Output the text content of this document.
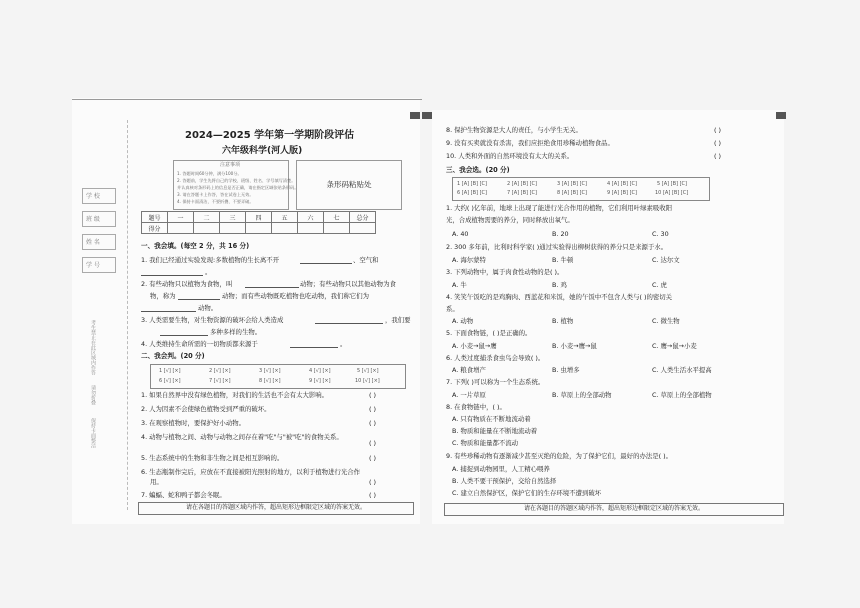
学 校
班 级
姓 名
学 号
考生禁止在此区域内作答
请勿折叠
保持卡面整洁
2024—2025 学年第一学期阶段评估
六年级科学(河人版)
注意事项
1. 答题时间60分钟，满分100分。
2. 答题前，学生先将自己的学校、班级、姓名、学号填写清楚。
并认真核对条形码上的信息是否正确，请在指定区域张贴条形码。
3. 请在答题卡上作答，答在试卷上无效。
4. 保持卡面清洁，不要折叠、不要弄破。
条形码粘贴处
题号	一	二	三	四	五	六	七	总分
得分								
一、我会填。(每空 2 分，共 16 分)
1. 我们已经通过实验发现:多数植物的生长离不开	、空气和
。
2. 有些动物只以植物为食物，叫	动物；有些动物只以其他动物为食
物，称为	动物；而有些动物既吃植物也吃动物，我们称它们为
动物。
3. 人类需要生物，对生物资源的破坏会给人类造成	，我们要
多种多样的生物。
4. 人类维持生命所需的一切物质都来源于	。
二、我会判。(20 分)
1 [√] [×]	2 [√] [×]	3 [√] [×]	4 [√] [×]	5 [√] [×]
6 [√] [×]	7 [√] [×]	8 [√] [×]	9 [√] [×]	10 [√] [×]
1. 如果自然界中没有绿色植物，对我们的生活也不会有太大影响。	( )
2. 人为因素不会使绿色植物受到严重的破坏。	( )
3. 在观察植物时，要保护好小动物。	( )
4. 动物与植物之间、动物与动物之间存在着"吃"与"被"吃"的食物关系。
( )
5. 生态系统中的生物和非生物之间是相互影响的。	( )
6. 生态瓶制作完后，应放在不直接被阳光照射的地方，以利于植物进行光合作
用。	( )
7. 蝙蝠、蛇和鸭子都会冬眠。	( )
请在各题目的答题区域内作答，超出矩形边框限定区域的答案无效。
8. 保护生物资源是大人的责任，与小学生无关。	( )
9. 没有买卖就没有杀害，我们应拒绝食用珍稀动植物食品。	( )
10. 人类和外面的自然环境没有太大的关系。	( )
三、我会选。(20 分)
1 [A] [B] [C]	2 [A] [B] [C]	3 [A] [B] [C]	4 [A] [B] [C]	5 [A] [B] [C]
6 [A] [B] [C]	7 [A] [B] [C]	8 [A] [B] [C]	9 [A] [B] [C]	10 [A] [B] [C]
1. 大约( )亿年前，地球上出现了能进行光合作用的植物，它们利用叶绿素吸收阳
光，合成植物需要的养分，同时释放出氧气。
A. 40	B. 20	C. 30
2. 300 多年前，比利时科学家( )通过实验得出柳树获得的养分只是来源于水。
A. 海尔蒙特	B. 牛顿	C. 达尔文
3. 下列动物中，属于肉食性动物的是( )。
A. 牛	B. 鸡	C. 虎
4. 笑笑午饭吃的是鸡胸肉、西蓝花和米饭，她的午饭中不包含人类与( )的密切关
系。
A. 动物	B. 植物	C. 微生物
5. 下面食物链，( )是正确的。
A. 小麦→鼠→鹰	B. 小麦→鹰→鼠	C. 鹰→鼠→小麦
6. 人类过度捕杀食虫鸟会导致( )。
A. 粮食增产	B. 虫增多	C. 人类生活水平提高
7. 下列( )可以称为一个生态系统。
A. 一片草原	B. 草原上的全部动物	C. 草原上的全部植物
8. 在食物链中，( )。
A. 只有物质在不断地流动着
B. 物质和能量在不断地流动着
C. 物质和能量都不流动
9. 有些珍稀动物有逐渐减少甚至灭绝的危险，为了保护它们，最好的办法是( )。
A. 捕捉到动物园里，人工精心喂养
B. 人类不要干预保护，交给自然选择
C. 建立自然保护区，保护它们的生存环境不遭到破坏
请在各题目的答题区域内作答，超出矩形边框限定区域的答案无效。
